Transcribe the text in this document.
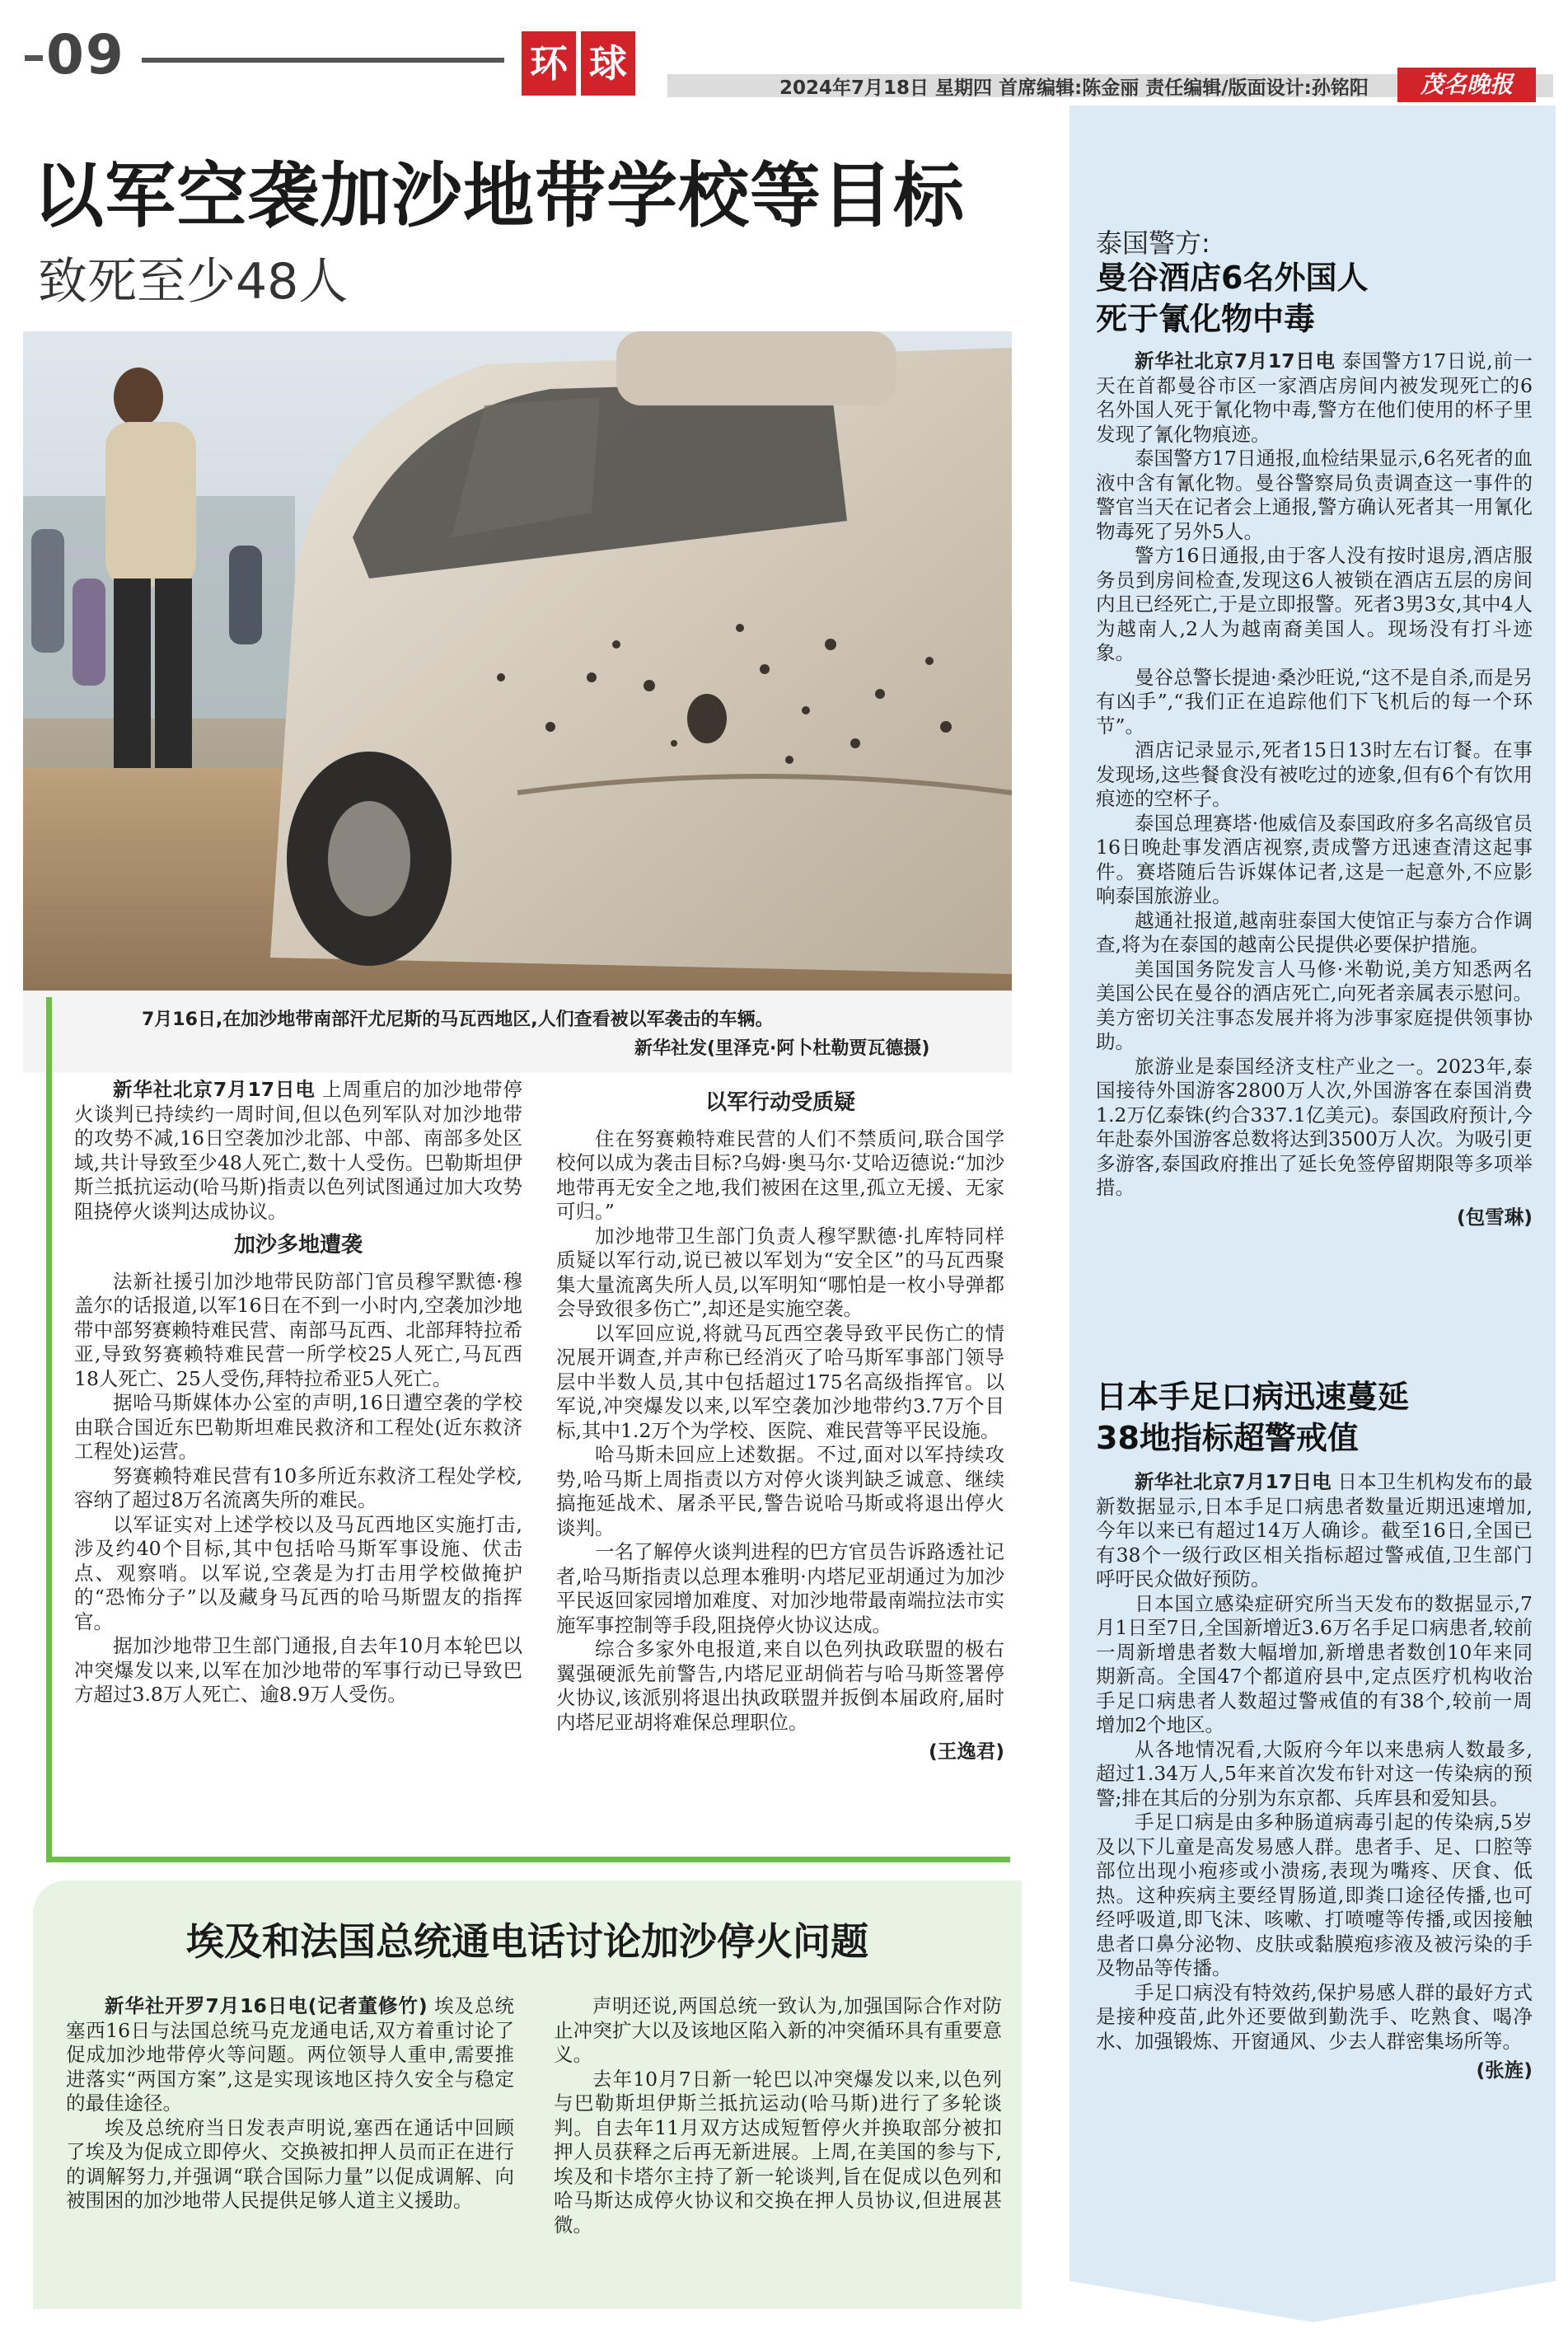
09	环 球
2024年7月18日 星期四 首席编辑:陈金丽 责任编辑/版面设计:孙铭阳	茂名晚报
以军空袭加沙地带学校等目标
致死至少48人
7月16日,在加沙地带南部汗尤尼斯的马瓦西地区,人们查看被以军袭击的车辆。
新华社发(里泽克·阿卜杜勒贾瓦德摄)

新华社北京7月17日电 上周重启的加沙地带停火谈判已持续约一周时间,但以色列军队对加沙地带的攻势不减,16日空袭加沙北部、中部、南部多处区域,共计导致至少48人死亡,数十人受伤。巴勒斯坦伊斯兰抵抗运动(哈马斯)指责以色列试图通过加大攻势阻挠停火谈判达成协议。

加沙多地遭袭

法新社援引加沙地带民防部门官员穆罕默德·穆盖尔的话报道,以军16日在不到一小时内,空袭加沙地带中部努赛赖特难民营、南部马瓦西、北部拜特拉希亚,导致努赛赖特难民营一所学校25人死亡,马瓦西18人死亡、25人受伤,拜特拉希亚5人死亡。

据哈马斯媒体办公室的声明,16日遭空袭的学校由联合国近东巴勒斯坦难民救济和工程处(近东救济工程处)运营。

努赛赖特难民营有10多所近东救济工程处学校,容纳了超过8万名流离失所的难民。

以军证实对上述学校以及马瓦西地区实施打击,涉及约40个目标,其中包括哈马斯军事设施、伏击点、观察哨。以军说,空袭是为打击用学校做掩护的“恐怖分子”以及藏身马瓦西的哈马斯盟友的指挥官。

据加沙地带卫生部门通报,自去年10月本轮巴以冲突爆发以来,以军在加沙地带的军事行动已导致巴方超过3.8万人死亡、逾8.9万人受伤。

以军行动受质疑

住在努赛赖特难民营的人们不禁质问,联合国学校何以成为袭击目标?乌姆·奥马尔·艾哈迈德说:“加沙地带再无安全之地,我们被困在这里,孤立无援、无家可归。”

加沙地带卫生部门负责人穆罕默德·扎库特同样质疑以军行动,说已被以军划为“安全区”的马瓦西聚集大量流离失所人员,以军明知“哪怕是一枚小导弹都会导致很多伤亡”,却还是实施空袭。

以军回应说,将就马瓦西空袭导致平民伤亡的情况展开调查,并声称已经消灭了哈马斯军事部门领导层中半数人员,其中包括超过175名高级指挥官。以军说,冲突爆发以来,以军空袭加沙地带约3.7万个目标,其中1.2万个为学校、医院、难民营等平民设施。

哈马斯未回应上述数据。不过,面对以军持续攻势,哈马斯上周指责以方对停火谈判缺乏诚意、继续搞拖延战术、屠杀平民,警告说哈马斯或将退出停火谈判。

一名了解停火谈判进程的巴方官员告诉路透社记者,哈马斯指责以总理本雅明·内塔尼亚胡通过为加沙平民返回家园增加难度、对加沙地带最南端拉法市实施军事控制等手段,阻挠停火协议达成。

综合多家外电报道,来自以色列执政联盟的极右翼强硬派先前警告,内塔尼亚胡倘若与哈马斯签署停火协议,该派别将退出执政联盟并扳倒本届政府,届时内塔尼亚胡将难保总理职位。

(王逸君)

埃及和法国总统通电话讨论加沙停火问题

新华社开罗7月16日电(记者董修竹) 埃及总统塞西16日与法国总统马克龙通电话,双方着重讨论了促成加沙地带停火等问题。两位领导人重申,需要推进落实“两国方案”,这是实现该地区持久安全与稳定的最佳途径。

埃及总统府当日发表声明说,塞西在通话中回顾了埃及为促成立即停火、交换被扣押人员而正在进行的调解努力,并强调“联合国际力量”以促成调解、向被围困的加沙地带人民提供足够人道主义援助。

声明还说,两国总统一致认为,加强国际合作对防止冲突扩大以及该地区陷入新的冲突循环具有重要意义。

去年10月7日新一轮巴以冲突爆发以来,以色列与巴勒斯坦伊斯兰抵抗运动(哈马斯)进行了多轮谈判。自去年11月双方达成短暂停火并换取部分被扣押人员获释之后再无新进展。上周,在美国的参与下,埃及和卡塔尔主持了新一轮谈判,旨在促成以色列和哈马斯达成停火协议和交换在押人员协议,但进展甚微。

泰国警方:
曼谷酒店6名外国人
死于氰化物中毒

新华社北京7月17日电 泰国警方17日说,前一天在首都曼谷市区一家酒店房间内被发现死亡的6名外国人死于氰化物中毒,警方在他们使用的杯子里发现了氰化物痕迹。

泰国警方17日通报,血检结果显示,6名死者的血液中含有氰化物。曼谷警察局负责调查这一事件的警官当天在记者会上通报,警方确认死者其一用氰化物毒死了另外5人。

警方16日通报,由于客人没有按时退房,酒店服务员到房间检查,发现这6人被锁在酒店五层的房间内且已经死亡,于是立即报警。死者3男3女,其中4人为越南人,2人为越南裔美国人。现场没有打斗迹象。

曼谷总警长提迪·桑沙旺说,“这不是自杀,而是另有凶手”,“我们正在追踪他们下飞机后的每一个环节”。

酒店记录显示,死者15日13时左右订餐。在事发现场,这些餐食没有被吃过的迹象,但有6个有饮用痕迹的空杯子。

泰国总理赛塔·他威信及泰国政府多名高级官员16日晚赴事发酒店视察,责成警方迅速查清这起事件。赛塔随后告诉媒体记者,这是一起意外,不应影响泰国旅游业。

越通社报道,越南驻泰国大使馆正与泰方合作调查,将为在泰国的越南公民提供必要保护措施。

美国国务院发言人马修·米勒说,美方知悉两名美国公民在曼谷的酒店死亡,向死者亲属表示慰问。美方密切关注事态发展并将为涉事家庭提供领事协助。

旅游业是泰国经济支柱产业之一。2023年,泰国接待外国游客2800万人次,外国游客在泰国消费1.2万亿泰铢(约合337.1亿美元)。泰国政府预计,今年赴泰外国游客总数将达到3500万人次。为吸引更多游客,泰国政府推出了延长免签停留期限等多项举措。

(包雪琳)

日本手足口病迅速蔓延
38地指标超警戒值

新华社北京7月17日电 日本卫生机构发布的最新数据显示,日本手足口病患者数量近期迅速增加,今年以来已有超过14万人确诊。截至16日,全国已有38个一级行政区相关指标超过警戒值,卫生部门呼吁民众做好预防。

日本国立感染症研究所当天发布的数据显示,7月1日至7日,全国新增近3.6万名手足口病患者,较前一周新增患者数大幅增加,新增患者数创10年来同期新高。全国47个都道府县中,定点医疗机构收治手足口病患者人数超过警戒值的有38个,较前一周增加2个地区。

从各地情况看,大阪府今年以来患病人数最多,超过1.34万人,5年来首次发布针对这一传染病的预警;排在其后的分别为东京都、兵库县和爱知县。

手足口病是由多种肠道病毒引起的传染病,5岁及以下儿童是高发易感人群。患者手、足、口腔等部位出现小疱疹或小溃疡,表现为嘴疼、厌食、低热。这种疾病主要经胃肠道,即粪口途径传播,也可经呼吸道,即飞沫、咳嗽、打喷嚏等传播,或因接触患者口鼻分泌物、皮肤或黏膜疱疹液及被污染的手及物品等传播。

手足口病没有特效药,保护易感人群的最好方式是接种疫苗,此外还要做到勤洗手、吃熟食、喝净水、加强锻炼、开窗通风、少去人群密集场所等。

(张旌)
